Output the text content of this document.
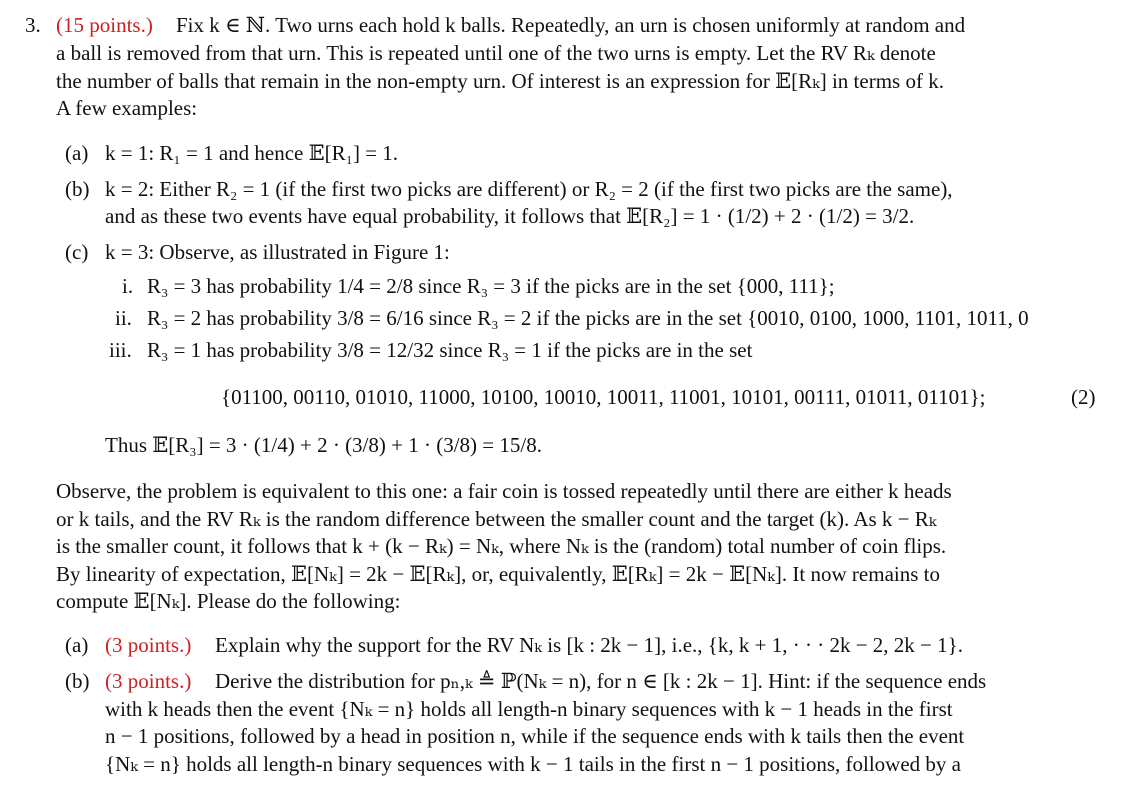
3. (15 points.) Fix k ∈ ℕ. Two urns each hold k balls. Repeatedly, an urn is chosen uniformly at random and
a ball is removed from that urn. This is repeated until one of the two urns is empty. Let the RV Rₖ denote
the number of balls that remain in the non-empty urn. Of interest is an expression for 𝔼[Rₖ] in terms of k.
A few examples:
(a) k = 1: R₁ = 1 and hence 𝔼[R₁] = 1.
(b) k = 2: Either R₂ = 1 (if the first two picks are different) or R₂ = 2 (if the first two picks are the same),
and as these two events have equal probability, it follows that 𝔼[R₂] = 1 · (1/2) + 2 · (1/2) = 3/2.
(c) k = 3: Observe, as illustrated in Figure 1:
i. R₃ = 3 has probability 1/4 = 2/8 since R₃ = 3 if the picks are in the set {000, 111};
ii. R₃ = 2 has probability 3/8 = 6/16 since R₃ = 2 if the picks are in the set {0010, 0100, 1000, 1101, 1011, 0
iii. R₃ = 1 has probability 3/8 = 12/32 since R₃ = 1 if the picks are in the set
{01100, 00110, 01010, 11000, 10100, 10010, 10011, 11001, 10101, 00111, 01011, 01101};	(2)
Thus 𝔼[R₃] = 3 · (1/4) + 2 · (3/8) + 1 · (3/8) = 15/8.
Observe, the problem is equivalent to this one: a fair coin is tossed repeatedly until there are either k heads
or k tails, and the RV Rₖ is the random difference between the smaller count and the target (k). As k − Rₖ
is the smaller count, it follows that k + (k − Rₖ) = Nₖ, where Nₖ is the (random) total number of coin flips.
By linearity of expectation, 𝔼[Nₖ] = 2k − 𝔼[Rₖ], or, equivalently, 𝔼[Rₖ] = 2k − 𝔼[Nₖ]. It now remains to
compute 𝔼[Nₖ]. Please do the following:
(a) (3 points.) Explain why the support for the RV Nₖ is [k : 2k − 1], i.e., {k, k + 1, · · · 2k − 2, 2k − 1}.
(b) (3 points.) Derive the distribution for pₙ,ₖ ≜ ℙ(Nₖ = n), for n ∈ [k : 2k − 1]. Hint: if the sequence ends
with k heads then the event {Nₖ = n} holds all length-n binary sequences with k − 1 heads in the first
n − 1 positions, followed by a head in position n, while if the sequence ends with k tails then the event
{Nₖ = n} holds all length-n binary sequences with k − 1 tails in the first n − 1 positions, followed by a
